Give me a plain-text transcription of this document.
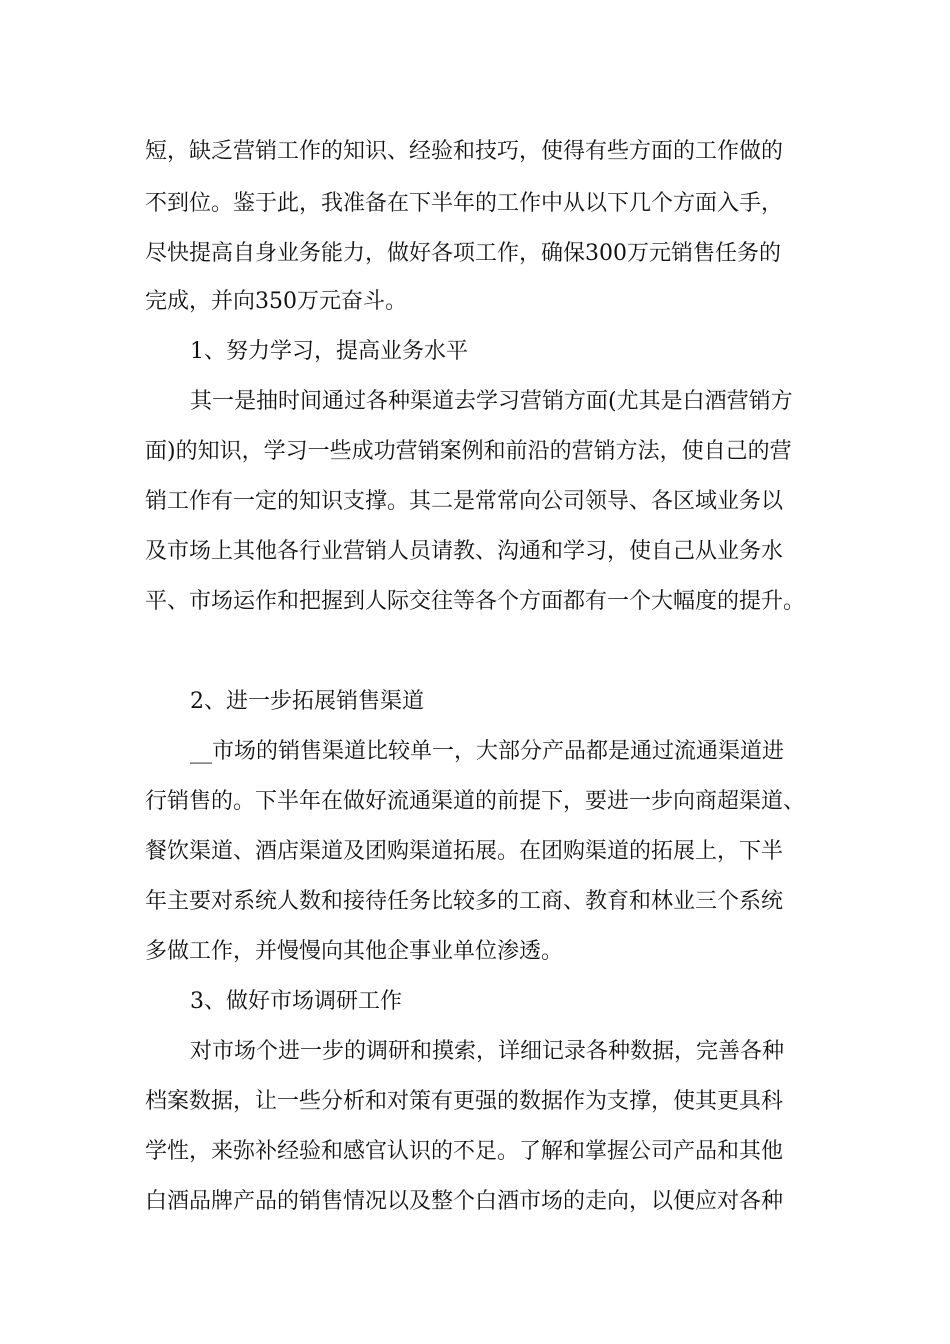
短，缺乏营销工作的知识、经验和技巧，使得有些方面的工作做的

不到位。鉴于此，我准备在下半年的工作中从以下几个方面入手，

尽快提高自身业务能力，做好各项工作，确保300万元销售任务的

完成，并向350万元奋斗。

1、努力学习，提高业务水平

其一是抽时间通过各种渠道去学习营销方面(尤其是白酒营销方

面)的知识，学习一些成功营销案例和前沿的营销方法，使自己的营

销工作有一定的知识支撑。其二是常常向公司领导、各区域业务以

及市场上其他各行业营销人员请教、沟通和学习，使自己从业务水

平、市场运作和把握到人际交往等各个方面都有一个大幅度的提升。

2、进一步拓展销售渠道

__市场的销售渠道比较单一，大部分产品都是通过流通渠道进

行销售的。下半年在做好流通渠道的前提下，要进一步向商超渠道、

餐饮渠道、酒店渠道及团购渠道拓展。在团购渠道的拓展上，下半

年主要对系统人数和接待任务比较多的工商、教育和林业三个系统

多做工作，并慢慢向其他企事业单位渗透。

3、做好市场调研工作

对市场个进一步的调研和摸索，详细记录各种数据，完善各种

档案数据，让一些分析和对策有更强的数据作为支撑，使其更具科

学性，来弥补经验和感官认识的不足。了解和掌握公司产品和其他

白酒品牌产品的销售情况以及整个白酒市场的走向，以便应对各种
